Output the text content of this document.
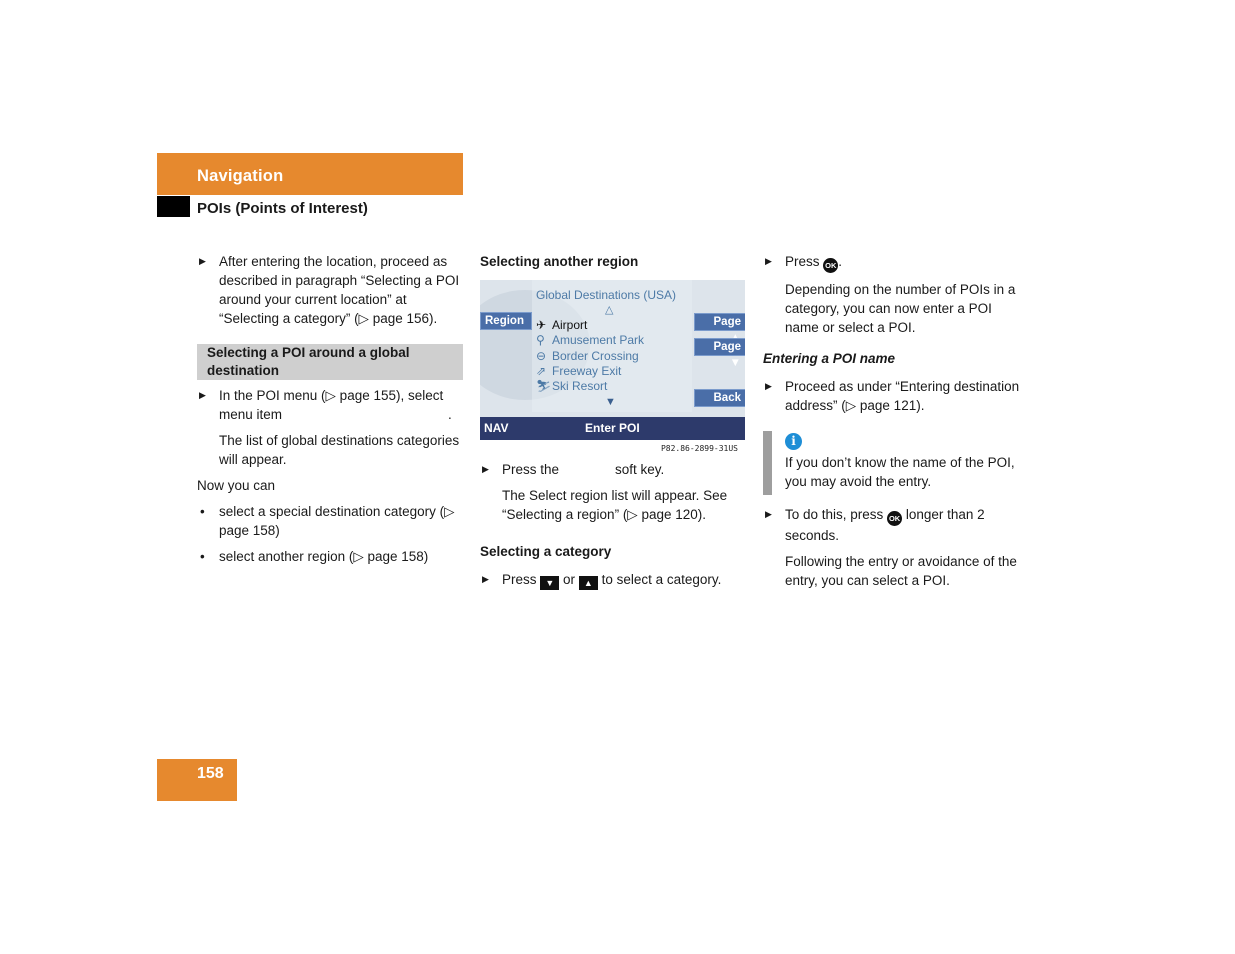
Navigation
POIs (Points of Interest)
▶ After entering the location, proceed as described in paragraph “Selecting a POI around your current location” at “Selecting a category” (▷ page 156).
Selecting a POI around a global destination
▶ In the POI menu (▷ page 155), select menu item	.
The list of global destinations categories will appear.
Now you can
• select a special destination category (▷ page 158)
• select another region (▷ page 158)
Selecting another region
Global Destinations (USA)
△
Region	Page
Page ▼
Back
✈ Airport
⚲ Amusement Park
⊖ Border Crossing
⇗ Freeway Exit
⛷Ski Resort
▼
NAV	Enter POI
P82.86-2899-31US
▶ Press the	soft key.
The Select region list will appear. See “Selecting a region” (▷ page 120).
Selecting a category
▶ Press ▼ or ▲ to select a category.
▶ Press OK .
Depending on the number of POIs in a category, you can now enter a POI name or select a POI.
Entering a POI name
▶ Proceed as under “Entering destination address” (▷ page 121).
i
If you don’t know the name of the POI, you may avoid the entry.
▶ To do this, press OK longer than 2 seconds.
Following the entry or avoidance of the entry, you can select a POI.
158
